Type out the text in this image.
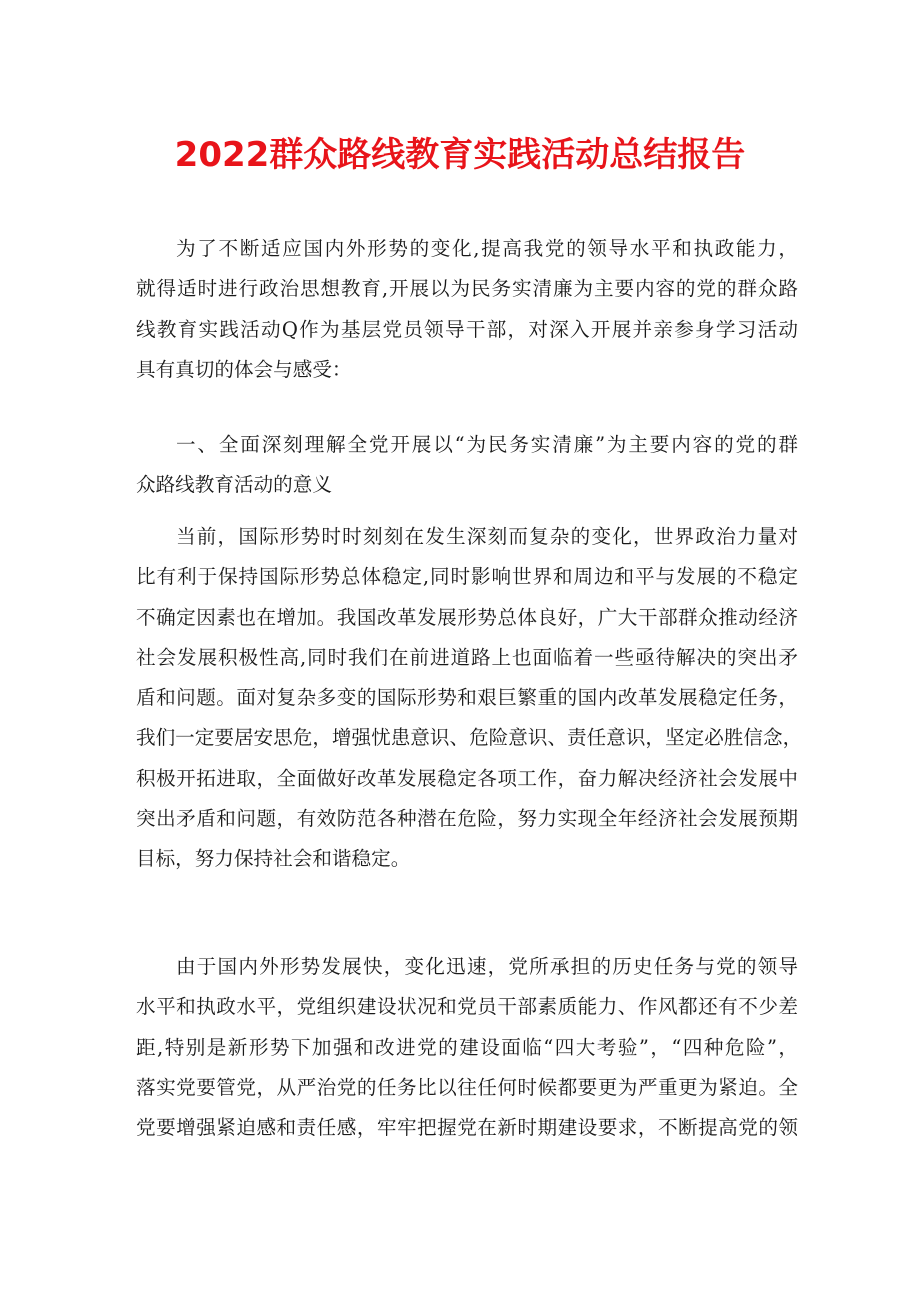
2022群众路线教育实践活动总结报告
为了不断适应国内外形势的变化,提高我党的领导水平和执政能力，
就得适时进行政治思想教育,开展以为民务实清廉为主要内容的党的群众路
线教育实践活动Q作为基层党员领导干部，对深入开展并亲参身学习活动
具有真切的体会与感受：
一、全面深刻理解全党开展以“为民务实清廉”为主要内容的党的群
众路线教育活动的意义
当前，国际形势时时刻刻在发生深刻而复杂的变化，世界政治力量对
比有利于保持国际形势总体稳定,同时影响世界和周边和平与发展的不稳定
不确定因素也在增加。我国改革发展形势总体良好，广大干部群众推动经济
社会发展积极性高,同时我们在前进道路上也面临着一些亟待解决的突出矛
盾和问题。面对复杂多变的国际形势和艰巨繁重的国内改革发展稳定任务，
我们一定要居安思危，增强忧患意识、危险意识、责任意识，坚定必胜信念，
积极开拓进取，全面做好改革发展稳定各项工作，奋力解决经济社会发展中
突出矛盾和问题，有效防范各种潜在危险，努力实现全年经济社会发展预期
目标，努力保持社会和谐稳定。
由于国内外形势发展快，变化迅速，党所承担的历史任务与党的领导
水平和执政水平，党组织建设状况和党员干部素质能力、作风都还有不少差
距,特别是新形势下加强和改进党的建设面临“四大考验”，“四种危险”，
落实党要管党，从严治党的任务比以往任何时候都要更为严重更为紧迫。全
党要增强紧迫感和责任感，牢牢把握党在新时期建设要求，不断提高党的领
